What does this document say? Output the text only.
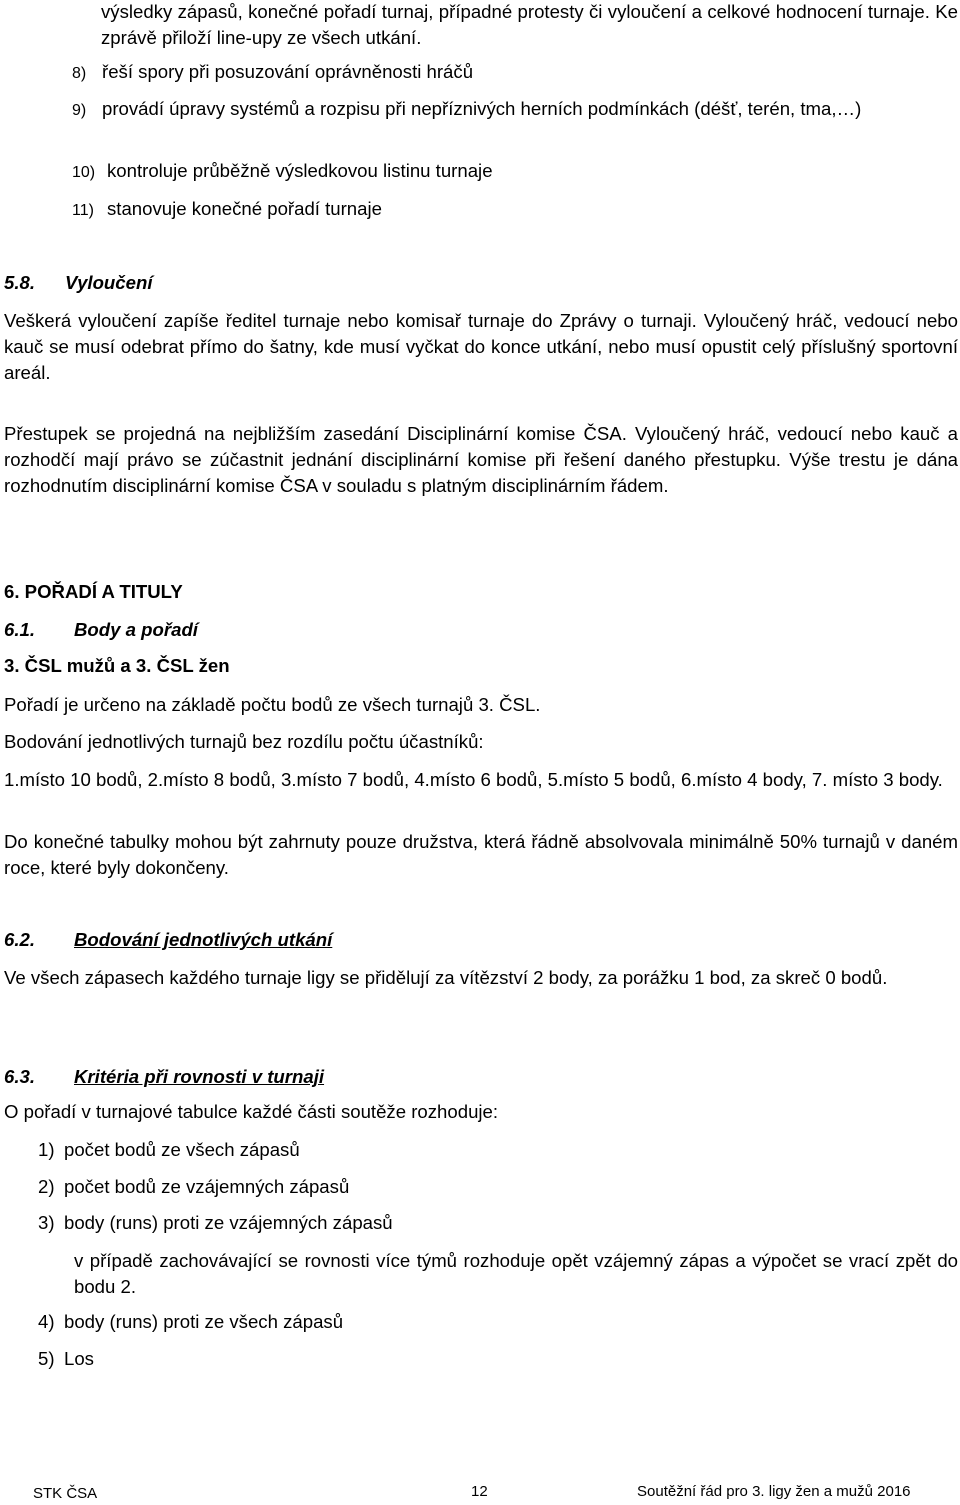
výsledky zápasů, konečné pořadí turnaj, případné protesty či vyloučení a celkové hodnocení turnaje. Ke zprávě přiloží line-upy ze všech utkání.
8) řeší spory při posuzování oprávněnosti hráčů
9) provádí úpravy systémů a rozpisu při nepříznivých herních podmínkách (déšť, terén, tma,…)
10) kontroluje průběžně výsledkovou listinu turnaje
11) stanovuje konečné pořadí turnaje
5.8. Vyloučení
Veškerá vyloučení zapíše ředitel turnaje nebo komisař turnaje do Zprávy o turnaji. Vyloučený hráč, vedoucí nebo kauč se musí odebrat přímo do šatny, kde musí vyčkat do konce utkání, nebo musí opustit celý příslušný sportovní areál.
Přestupek se projedná na nejbližším zasedání Disciplinární komise ČSA. Vyloučený hráč, vedoucí nebo kauč a rozhodčí mají právo se zúčastnit jednání disciplinární komise při řešení daného přestupku. Výše trestu je dána rozhodnutím disciplinární komise ČSA v souladu s platným disciplinárním řádem.
6. POŘADÍ A TITULY
6.1. Body a pořadí
3. ČSL mužů a 3. ČSL žen
Pořadí je určeno na základě počtu bodů ze všech turnajů 3. ČSL.
Bodování jednotlivých turnajů bez rozdílu počtu účastníků:
1.místo 10 bodů, 2.místo 8 bodů, 3.místo 7 bodů, 4.místo 6 bodů, 5.místo 5 bodů, 6.místo 4 body, 7. místo 3 body.
Do konečné tabulky mohou být zahrnuty pouze družstva, která řádně absolvovala minimálně 50% turnajů v daném roce, které byly dokončeny.
6.2. Bodování jednotlivých utkání
Ve všech zápasech každého turnaje ligy se přidělují za vítězství 2 body, za porážku 1 bod, za skreč 0 bodů.
6.3. Kritéria při rovnosti v turnaji
O pořadí v turnajové tabulce každé části soutěže rozhoduje:
1) počet bodů ze všech zápasů
2) počet bodů ze vzájemných zápasů
3) body (runs) proti ze vzájemných zápasů
v případě zachovávající se rovnosti více týmů rozhoduje opět vzájemný zápas a výpočet se vrací zpět do bodu 2.
4) body (runs) proti ze všech zápasů
5) Los
STK ČSA	12	Soutěžní řád pro 3. ligy žen a mužů 2016
